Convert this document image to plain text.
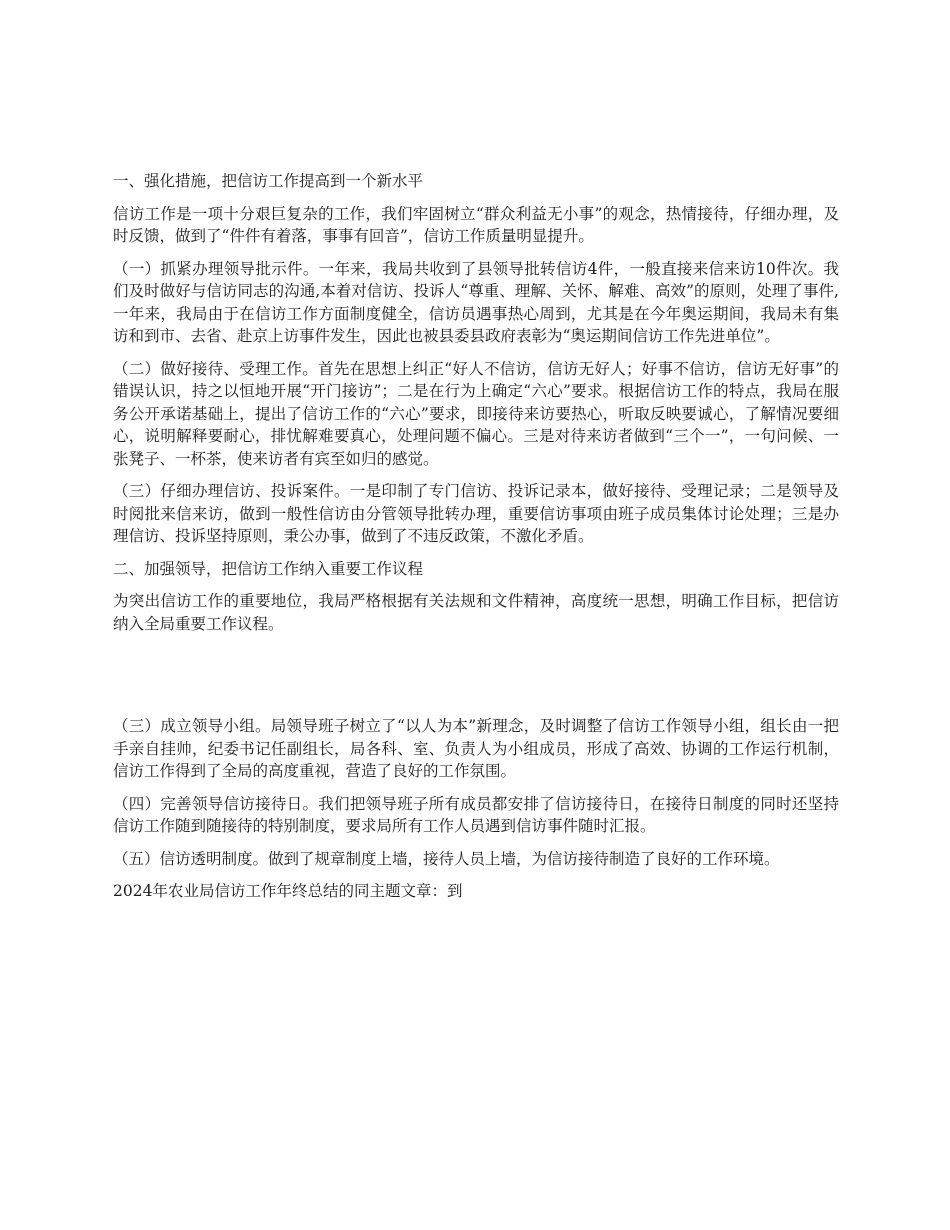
一、强化措施，把信访工作提高到一个新水平

信访工作是一项十分艰巨复杂的工作，我们牢固树立“群众利益无小事”的观念，热情接待，仔细办理，及时反馈，做到了“件件有着落，事事有回音”，信访工作质量明显提升。

（一）抓紧办理领导批示件。一年来，我局共收到了县领导批转信访4件，一般直接来信来访10件次。我们及时做好与信访同志的沟通,本着对信访、投诉人“尊重、理解、关怀、解难、高效”的原则，处理了事件,一年来，我局由于在信访工作方面制度健全，信访员遇事热心周到，尤其是在今年奥运期间，我局未有集访和到市、去省、赴京上访事件发生，因此也被县委县政府表彰为“奥运期间信访工作先进单位”。

（二）做好接待、受理工作。首先在思想上纠正“好人不信访，信访无好人；好事不信访，信访无好事”的错误认识，持之以恒地开展“开门接访”；二是在行为上确定“六心”要求。根据信访工作的特点，我局在服务公开承诺基础上，提出了信访工作的“六心”要求，即接待来访要热心，听取反映要诚心，了解情况要细心，说明解释要耐心，排忧解难要真心，处理问题不偏心。三是对待来访者做到“三个一”，一句问候、一张凳子、一杯茶，使来访者有宾至如归的感觉。

（三）仔细办理信访、投诉案件。一是印制了专门信访、投诉记录本，做好接待、受理记录；二是领导及时阅批来信来访，做到一般性信访由分管领导批转办理，重要信访事项由班子成员集体讨论处理；三是办理信访、投诉坚持原则，秉公办事，做到了不违反政策，不激化矛盾。

二、加强领导，把信访工作纳入重要工作议程

为突出信访工作的重要地位，我局严格根据有关法规和文件精神，高度统一思想，明确工作目标，把信访纳入全局重要工作议程。

（三）成立领导小组。局领导班子树立了“以人为本”新理念，及时调整了信访工作领导小组，组长由一把手亲自挂帅，纪委书记任副组长，局各科、室、负责人为小组成员，形成了高效、协调的工作运行机制，信访工作得到了全局的高度重视，营造了良好的工作氛围。

（四）完善领导信访接待日。我们把领导班子所有成员都安排了信访接待日，在接待日制度的同时还坚持信访工作随到随接待的特别制度，要求局所有工作人员遇到信访事件随时汇报。

（五）信访透明制度。做到了规章制度上墙，接待人员上墙，为信访接待制造了良好的工作环境。

2024年农业局信访工作年终总结的同主题文章：到
